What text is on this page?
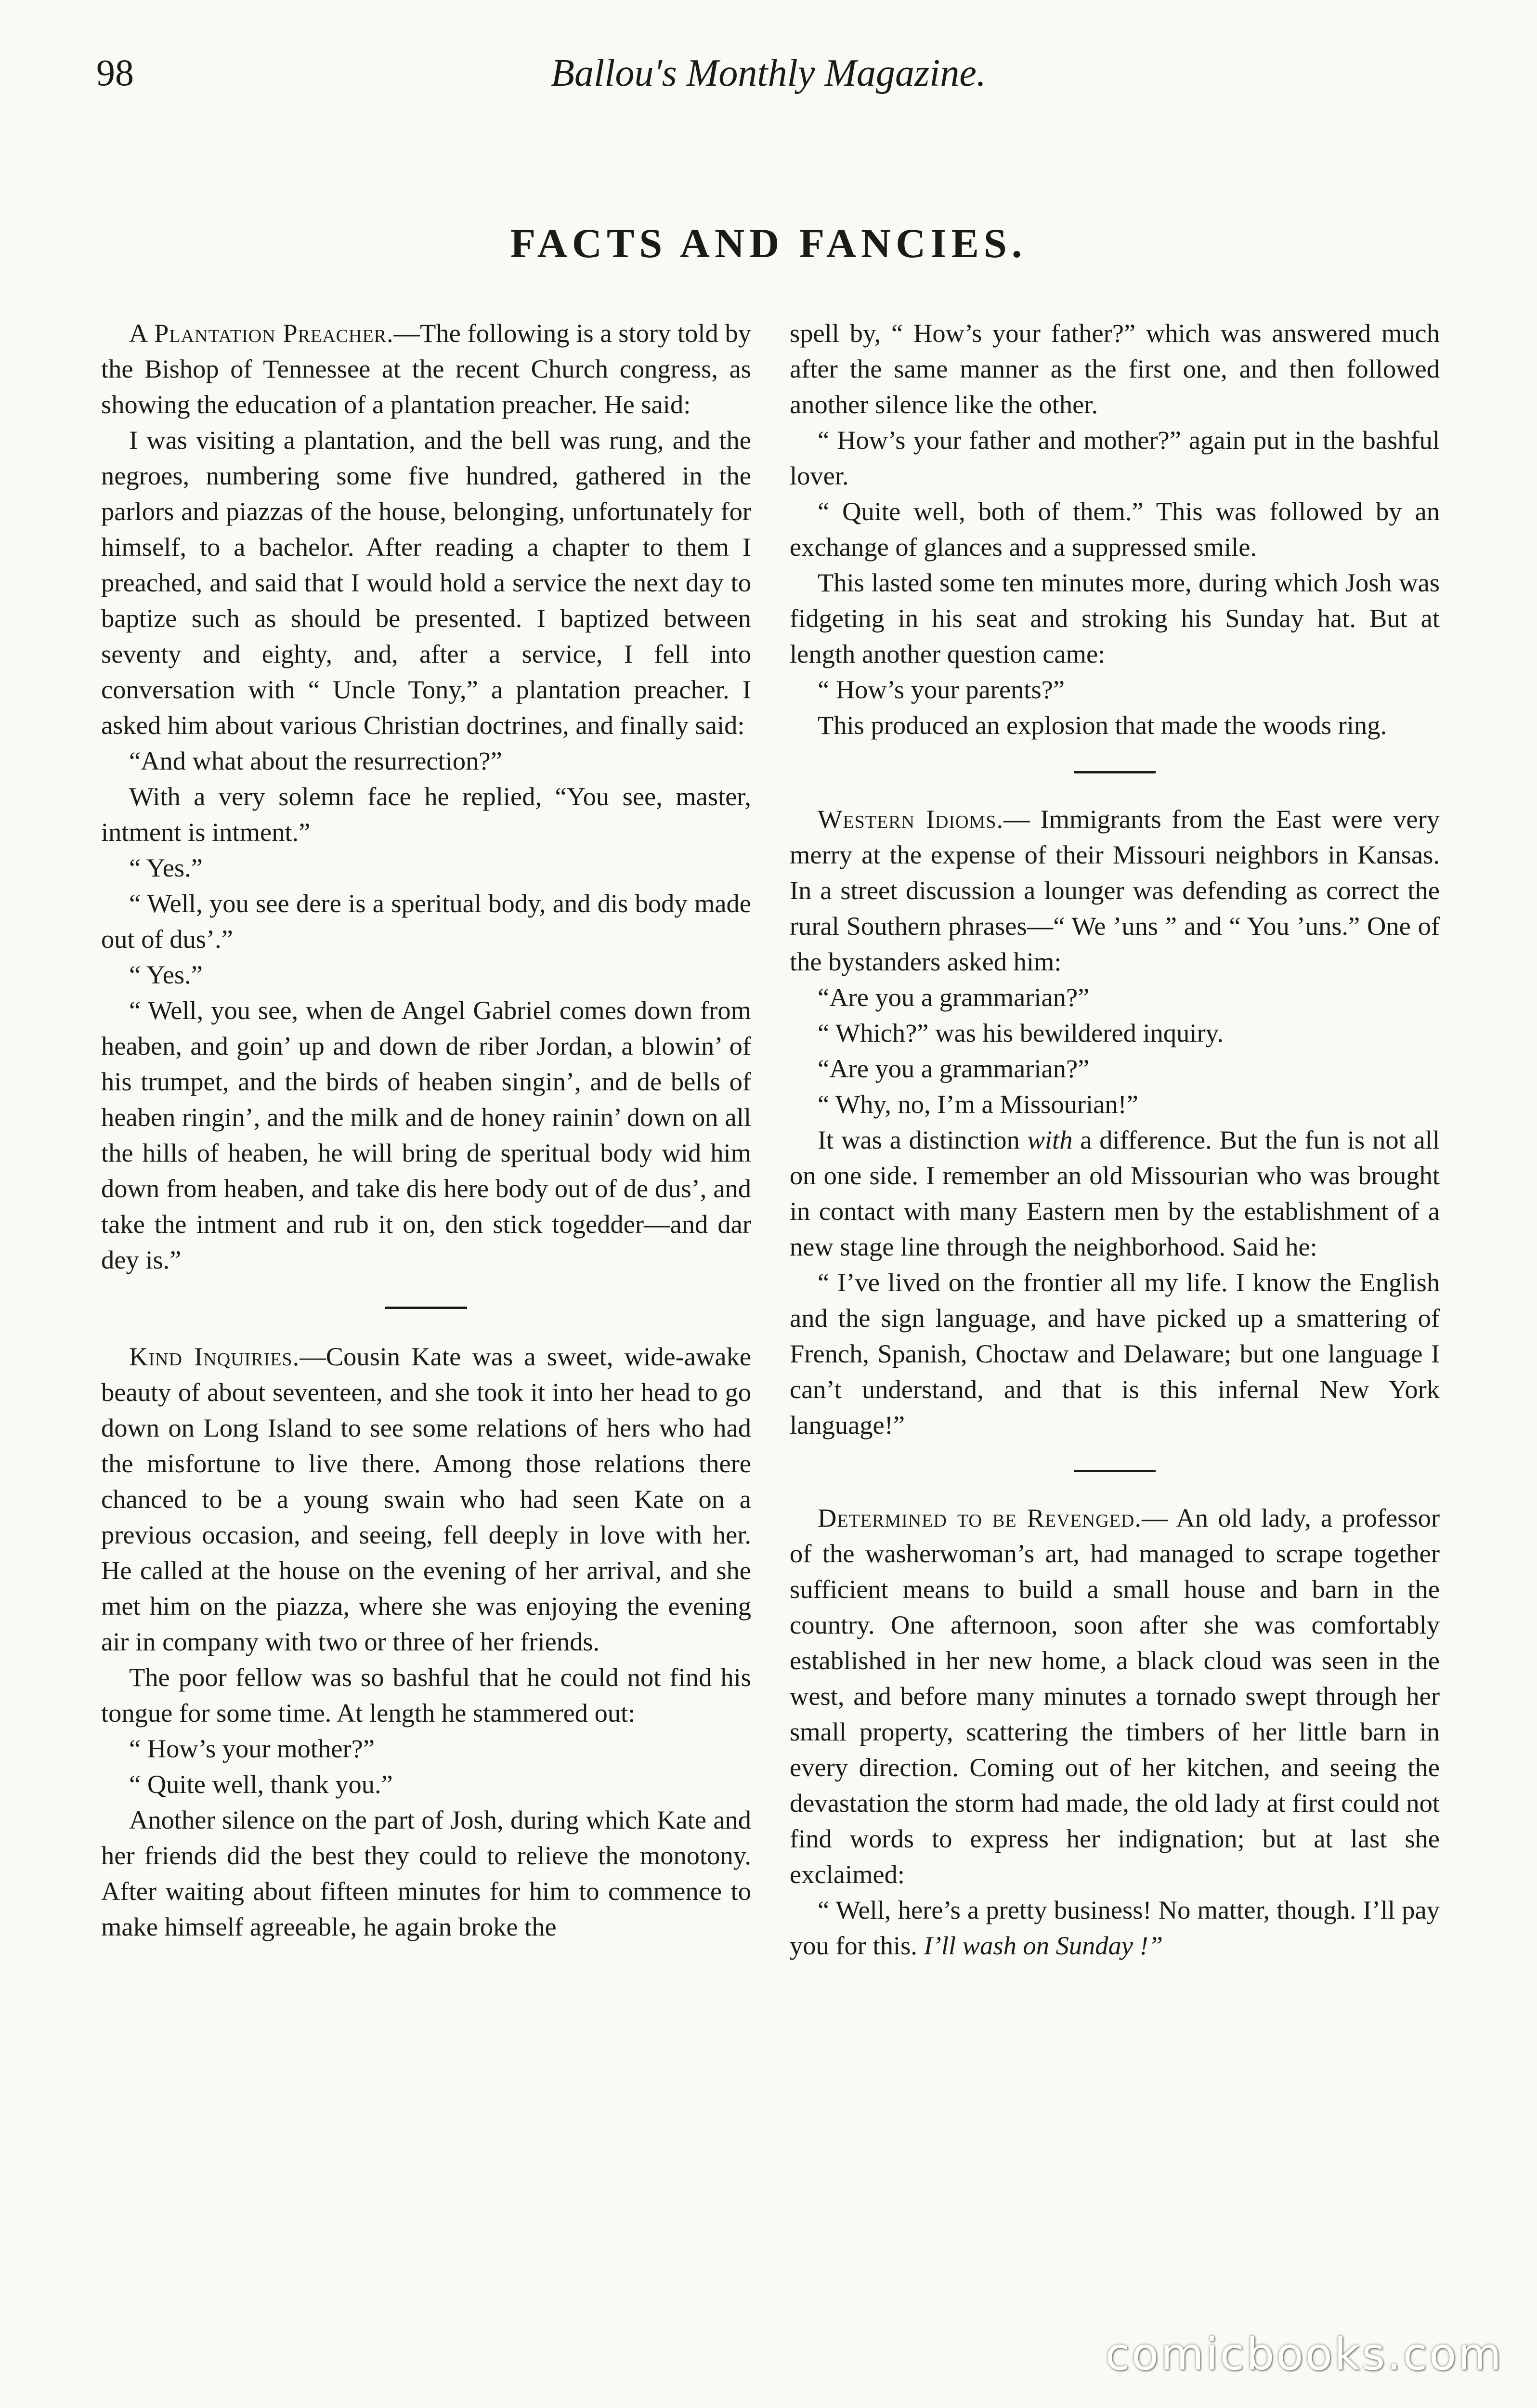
98	Ballou's Monthly Magazine.
FACTS AND FANCIES.

A Plantation Preacher.—The following is a story told by the Bishop of Tennessee at the recent Church congress, as showing the education of a plantation preacher. He said:

I was visiting a plantation, and the bell was rung, and the negroes, numbering some five hundred, gathered in the parlors and piazzas of the house, belonging, unfortunately for himself, to a bachelor. After reading a chapter to them I preached, and said that I would hold a service the next day to baptize such as should be presented. I baptized between seventy and eighty, and, after a service, I fell into conversation with “ Uncle Tony,” a plantation preacher. I asked him about various Christian doctrines, and finally said:

“And what about the resurrection?”

With a very solemn face he replied, “You see, master, intment is intment.”

“ Yes.”

“ Well, you see dere is a speritual body, and dis body made out of dus’.”

“ Yes.”

“ Well, you see, when de Angel Gabriel comes down from heaben, and goin’ up and down de riber Jordan, a blowin’ of his trumpet, and the birds of heaben singin’, and de bells of heaben ringin’, and the milk and de honey rainin’ down on all the hills of heaben, he will bring de speritual body wid him down from heaben, and take dis here body out of de dus’, and take the intment and rub it on, den stick togedder—and dar dey is.”

Kind Inquiries.—Cousin Kate was a sweet, wide-awake beauty of about seventeen, and she took it into her head to go down on Long Island to see some relations of hers who had the misfortune to live there. Among those relations there chanced to be a young swain who had seen Kate on a previous occasion, and seeing, fell deeply in love with her. He called at the house on the evening of her arrival, and she met him on the piazza, where she was enjoying the evening air in company with two or three of her friends.

The poor fellow was so bashful that he could not find his tongue for some time. At length he stammered out:

“ How’s your mother?”

“ Quite well, thank you.”

Another silence on the part of Josh, during which Kate and her friends did the best they could to relieve the monotony. After waiting about fifteen minutes for him to commence to make himself agreeable, he again broke the

spell by, “ How’s your father?” which was answered much after the same manner as the first one, and then followed another silence like the other.

“ How’s your father and mother?” again put in the bashful lover.

“ Quite well, both of them.” This was followed by an exchange of glances and a suppressed smile.

This lasted some ten minutes more, during which Josh was fidgeting in his seat and stroking his Sunday hat. But at length another question came:

“ How’s your parents?”

This produced an explosion that made the woods ring.

Western Idioms.— Immigrants from the East were very merry at the expense of their Missouri neighbors in Kansas. In a street discussion a lounger was defending as correct the rural Southern phrases—“ We ’uns ” and “ You ’uns.” One of the bystanders asked him:

“Are you a grammarian?”

“ Which?” was his bewildered inquiry.

“Are you a grammarian?”

“ Why, no, I’m a Missourian!”

It was a distinction with a difference. But the fun is not all on one side. I remember an old Missourian who was brought in contact with many Eastern men by the establishment of a new stage line through the neighborhood. Said he:

“ I’ve lived on the frontier all my life. I know the English and the sign language, and have picked up a smattering of French, Spanish, Choctaw and Delaware; but one language I can’t understand, and that is this infernal New York language!”

Determined to be Revenged.— An old lady, a professor of the washerwoman’s art, had managed to scrape together sufficient means to build a small house and barn in the country. One afternoon, soon after she was comfortably established in her new home, a black cloud was seen in the west, and before many minutes a tornado swept through her small property, scattering the timbers of her little barn in every direction. Coming out of her kitchen, and seeing the devastation the storm had made, the old lady at first could not find words to express her indignation; but at last she exclaimed:

“ Well, here’s a pretty business! No matter, though. I’ll pay you for this. I’ll wash on Sunday !”

comicbooks.com
